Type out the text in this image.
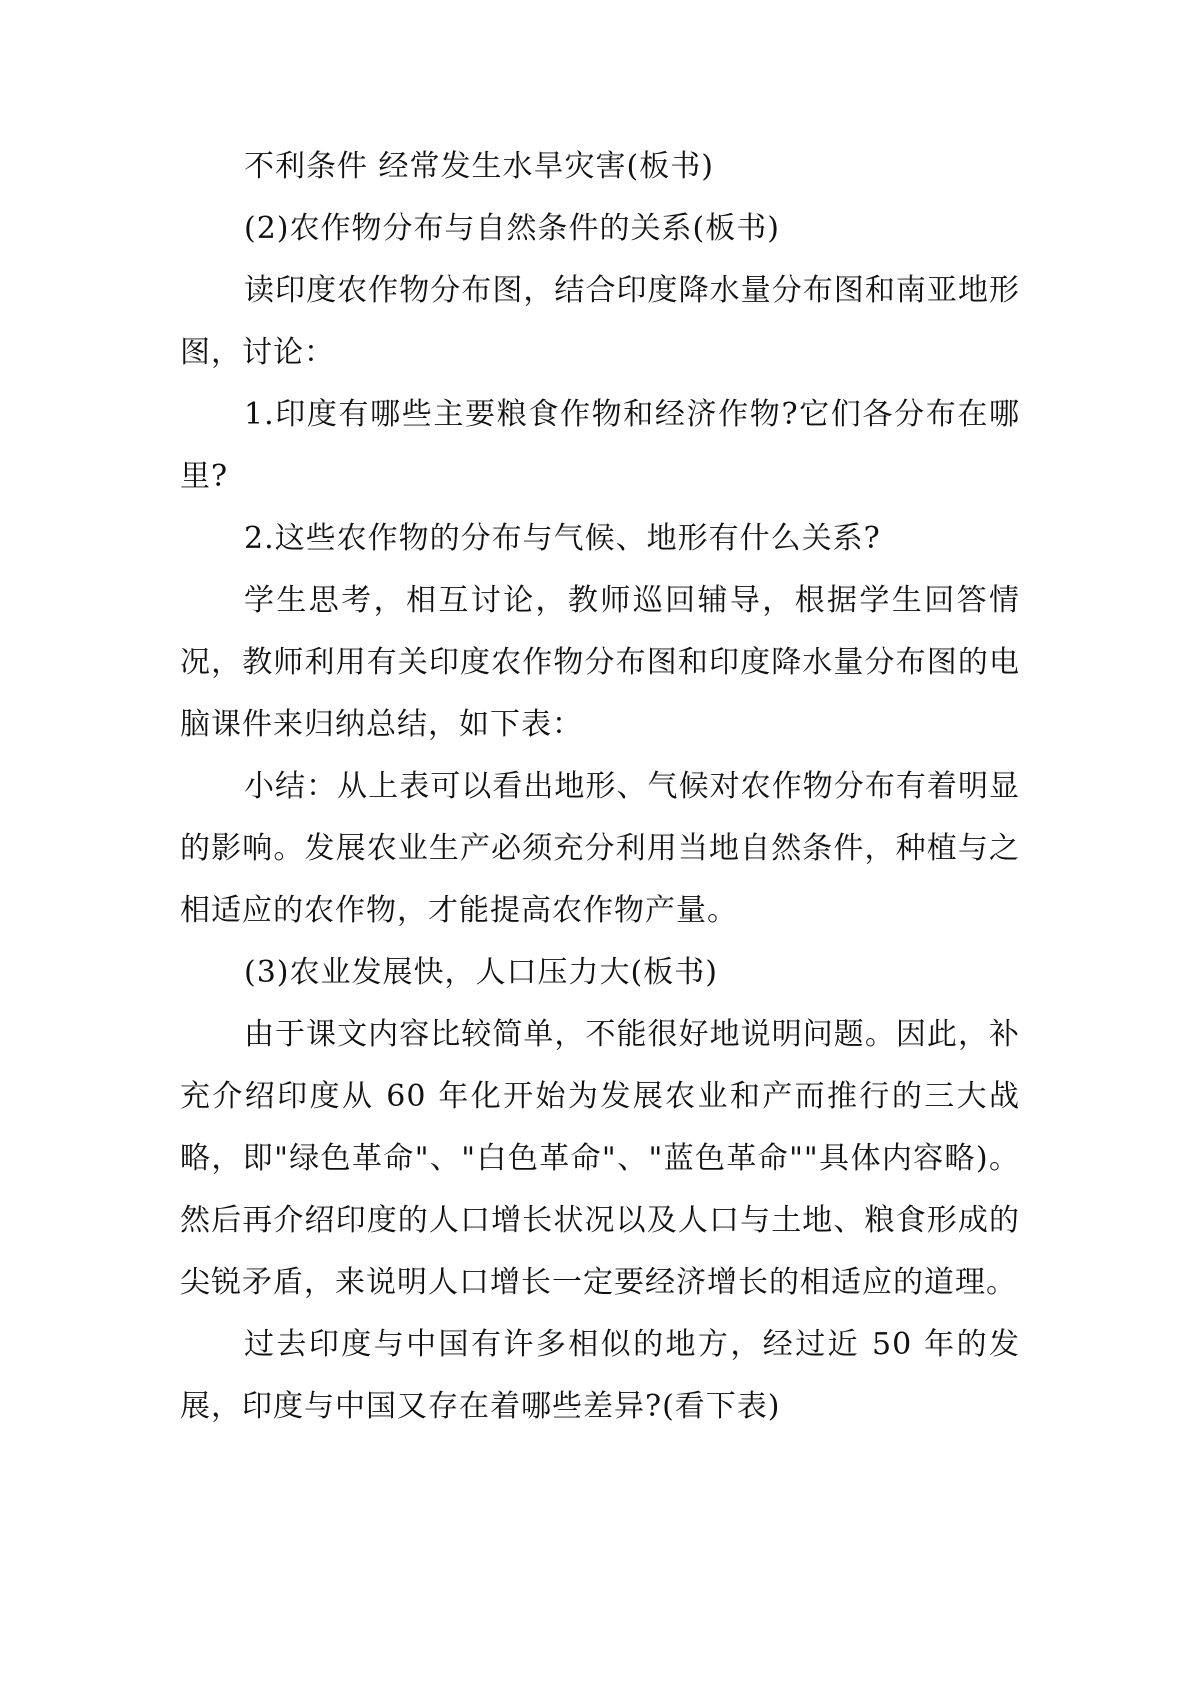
不利条件 经常发生水旱灾害(板书)

(2)农作物分布与自然条件的关系(板书)

读印度农作物分布图，结合印度降水量分布图和南亚地形图，讨论：

1.印度有哪些主要粮食作物和经济作物?它们各分布在哪里?

2.这些农作物的分布与气候、地形有什么关系?

学生思考，相互讨论，教师巡回辅导，根据学生回答情况，教师利用有关印度农作物分布图和印度降水量分布图的电脑课件来归纳总结，如下表：

小结：从上表可以看出地形、气候对农作物分布有着明显的影响。发展农业生产必须充分利用当地自然条件，种植与之相适应的农作物，才能提高农作物产量。

(3)农业发展快，人口压力大(板书)

由于课文内容比较简单，不能很好地说明问题。因此，补充介绍印度从 60 年化开始为发展农业和产而推行的三大战略，即"绿色革命"、"白色革命"、"蓝色革命""具体内容略)。然后再介绍印度的人口增长状况以及人口与土地、粮食形成的尖锐矛盾，来说明人口增长一定要经济增长的相适应的道理。

过去印度与中国有许多相似的地方，经过近 50 年的发展，印度与中国又存在着哪些差异?(看下表)
